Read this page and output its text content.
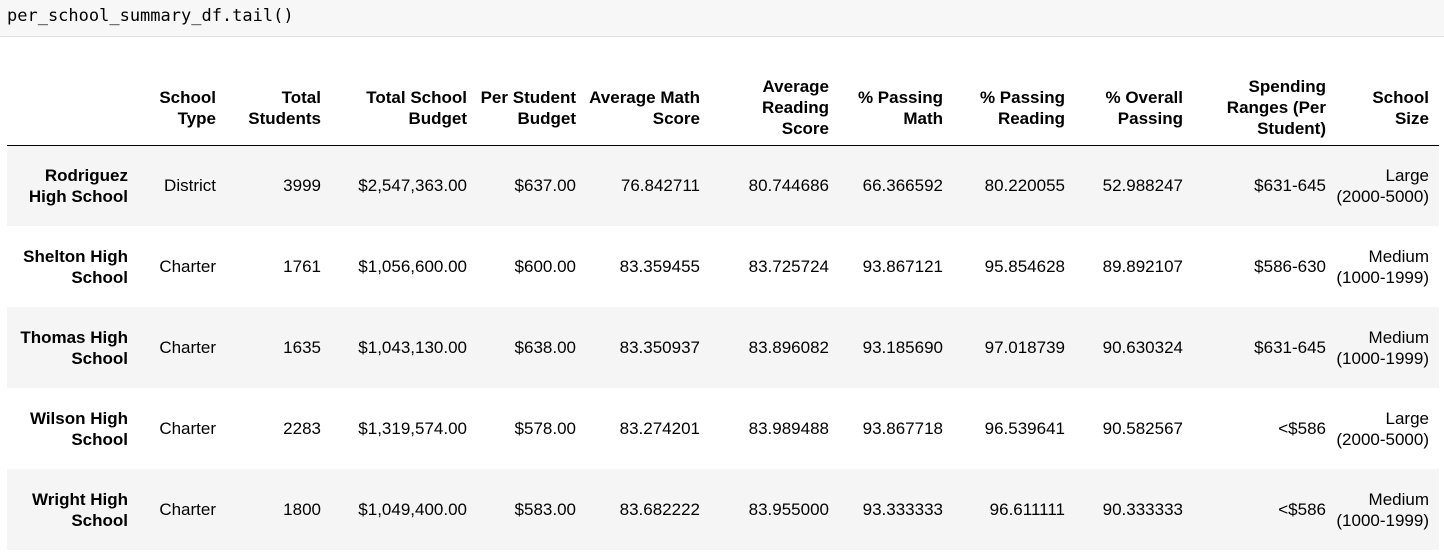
per_school_summary_df.tail()
	School Type	Total Students	Total School Budget	Per Student Budget	Average Math Score	Average Reading Score	% Passing Math	% Passing Reading	% Overall Passing	Spending Ranges (Per Student)	School Size
Rodriguez High School	District	3999	$2,547,363.00	$637.00	76.842711	80.744686	66.366592	80.220055	52.988247	$631-645	Large (2000-5000)
Shelton High School	Charter	1761	$1,056,600.00	$600.00	83.359455	83.725724	93.867121	95.854628	89.892107	$586-630	Medium (1000-1999)
Thomas High School	Charter	1635	$1,043,130.00	$638.00	83.350937	83.896082	93.185690	97.018739	90.630324	$631-645	Medium (1000-1999)
Wilson High School	Charter	2283	$1,319,574.00	$578.00	83.274201	83.989488	93.867718	96.539641	90.582567	<$586	Large (2000-5000)
Wright High School	Charter	1800	$1,049,400.00	$583.00	83.682222	83.955000	93.333333	96.611111	90.333333	<$586	Medium (1000-1999)
